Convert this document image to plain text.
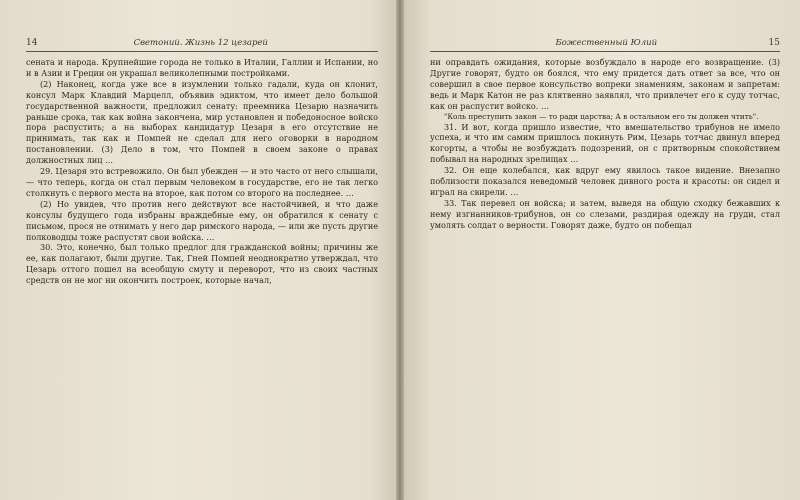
14	Светоний. Жизнь 12 цезарей

сената и народа. Крупнейшие города не только в Италии, Галлии и Испании, но и в Азии и Греции он украшал великолепными постройками.

(2) Наконец, когда уже все в изумлении только гадали, куда он клонит, консул Марк Клавдий Марцелл, объявив эдиктом, что имеет дело большой государственной важности, предложил сенату: преемника Цезарю назначить раньше срока, так как война закончена, мир установлен и победоносное войско пора распустить; а на выборах кандидатур Цезаря в его отсутствие не принимать, так как и Помпей не сделал для него оговорки в народном постановлении. (3) Дело в том, что Помпей в своем законе о правах должностных лиц …

29. Цезаря это встревожило. Он был убежден — и это часто от него слышали, — что теперь, когда он стал первым человеком в государстве, его не так легко столкнуть с первого места на второе, как потом со второго на последнее. …

(2) Но увидев, что против него действуют все настойчивей, и что даже консулы будущего года избраны враждебные ему, он обратился к сенату с письмом, прося не отнимать у него дар римского народа, — или же пусть другие полководцы тоже распустят свои войска. …

30. Это, конечно, был только предлог для гражданской войны; причины же ее, как полагают, были другие. Так, Гней Помпей неоднократно утверждал, что Цезарь оттого пошел на всеобщую смуту и переворот, что из своих частных средств он не мог ни окончить построек, которые начал,

Божественный Юлий	15

ни оправдать ожидания, которые возбуждало в народе его возвращение. (3) Другие говорят, будто он боялся, что ему придется дать ответ за все, что он совершил в свое первое консульство вопреки знамениям, законам и запретам: ведь и Марк Катон не раз клятвенно заявлял, что привлечет его к суду тотчас, как он распустит войско. …

"Коль преступить закон — то ради царства; А в остальном его ты должен чтить".

31. И вот, когда пришло известие, что вмешательство трибунов не имело успеха, и что им самим пришлось покинуть Рим, Цезарь тотчас двинул вперед когорты, а чтобы не возбуждать подозрений, он с притворным спокойствием побывал на народных зрелищах …

32. Он еще колебался, как вдруг ему явилось такое видение. Внезапно поблизости показался неведомый человек дивного роста и красоты: он сидел и играл на свирели. …

33. Так перевел он войска; и затем, выведя на общую сходку бежавших к нему изгнанников-трибунов, он со слезами, раздирая одежду на груди, стал умолять солдат о верности. Говорят даже, будто он побещал
